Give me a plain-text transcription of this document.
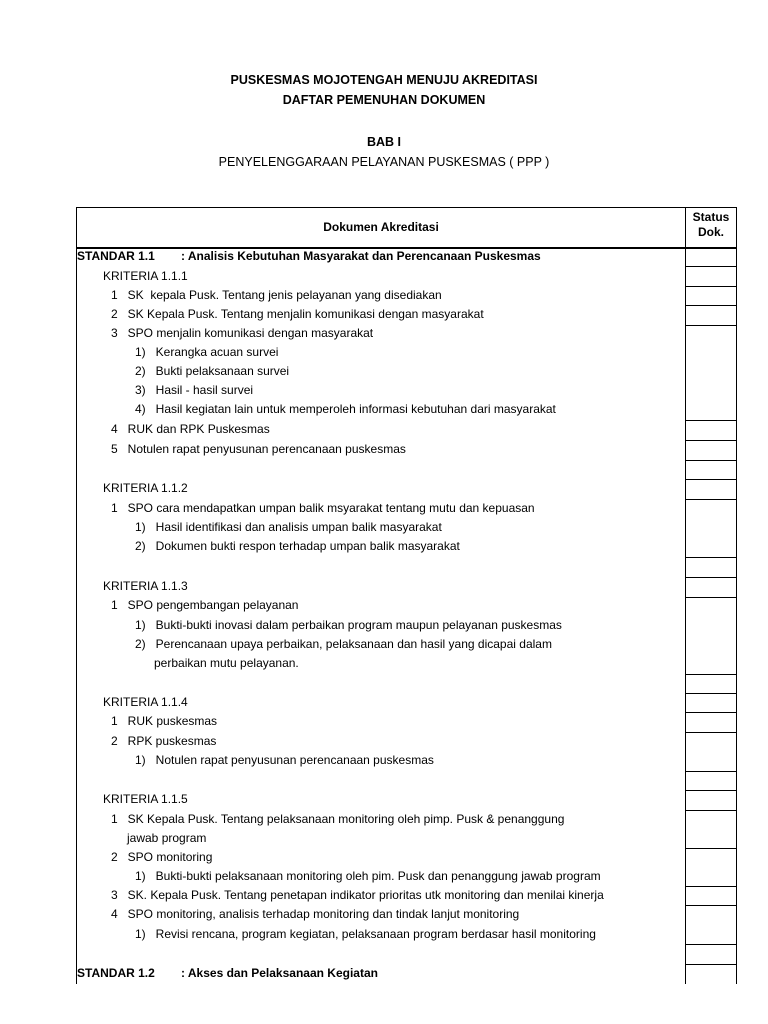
PUSKESMAS MOJOTENGAH MENUJU AKREDITASI
DAFTAR PEMENUHAN DOKUMEN
BAB I
PENYELENGGARAAN PELAYANAN PUSKESMAS ( PPP )
Dokumen Akreditasi
Status
Dok.
STANDAR 1.1 : Analisis Kebutuhan Masyarakat dan Perencanaan Puskesmas
KRITERIA 1.1.1
1   SK  kepala Pusk. Tentang jenis pelayanan yang disediakan
2   SK Kepala Pusk. Tentang menjalin komunikasi dengan masyarakat
3   SPO menjalin komunikasi dengan masyarakat
1)   Kerangka acuan survei
2)   Bukti pelaksanaan survei
3)   Hasil - hasil survei
4)   Hasil kegiatan lain untuk memperoleh informasi kebutuhan dari masyarakat
4   RUK dan RPK Puskesmas
5   Notulen rapat penyusunan perencanaan puskesmas
KRITERIA 1.1.2
1   SPO cara mendapatkan umpan balik msyarakat tentang mutu dan kepuasan
1)   Hasil identifikasi dan analisis umpan balik masyarakat
2)   Dokumen bukti respon terhadap umpan balik masyarakat
KRITERIA 1.1.3
1   SPO pengembangan pelayanan
1)   Bukti-bukti inovasi dalam perbaikan program maupun pelayanan puskesmas
2)   Perencanaan upaya perbaikan, pelaksanaan dan hasil yang dicapai dalam
perbaikan mutu pelayanan.
KRITERIA 1.1.4
1   RUK puskesmas
2   RPK puskesmas
1)   Notulen rapat penyusunan perencanaan puskesmas
KRITERIA 1.1.5
1   SK Kepala Pusk. Tentang pelaksanaan monitoring oleh pimp. Pusk & penanggung
jawab program
2   SPO monitoring
1)   Bukti-bukti pelaksanaan monitoring oleh pim. Pusk dan penanggung jawab program
3   SK. Kepala Pusk. Tentang penetapan indikator prioritas utk monitoring dan menilai kinerja
4   SPO monitoring, analisis terhadap monitoring dan tindak lanjut monitoring
1)   Revisi rencana, program kegiatan, pelaksanaan program berdasar hasil monitoring
STANDAR 1.2 : Akses dan Pelaksanaan Kegiatan
